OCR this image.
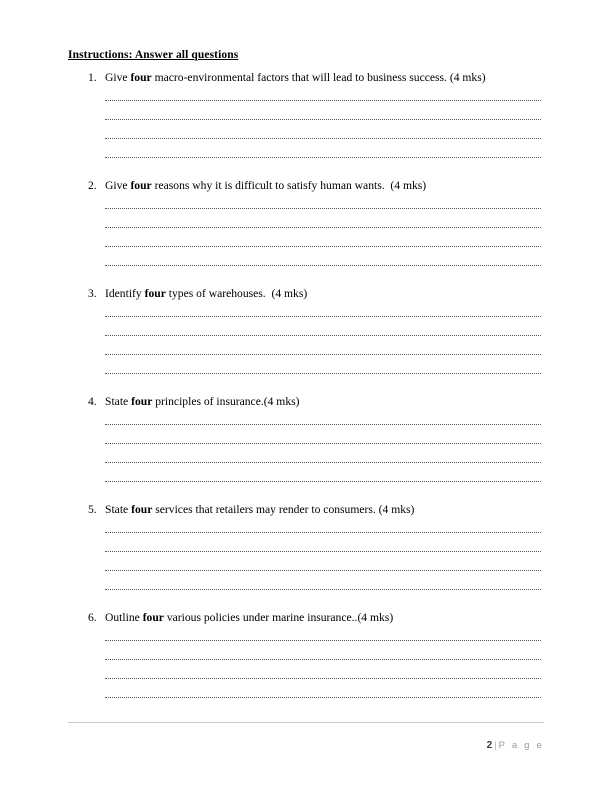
Instructions: Answer all questions
1. Give four macro-environmental factors that will lead to business success. (4 mks)
2. Give four reasons why it is difficult to satisfy human wants.  (4 mks)
3. Identify four types of warehouses.  (4 mks)
4. State four principles of insurance.(4 mks)
5. State four services that retailers may render to consumers. (4 mks)
6. Outline four various policies under marine insurance..(4 mks)

2 | P a g e
